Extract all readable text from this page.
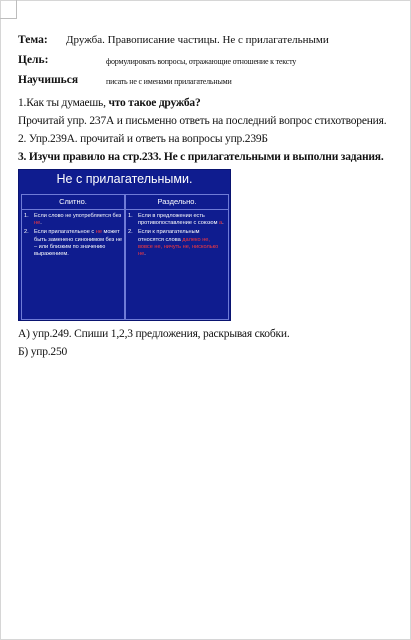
Тема: Дружба. Правописание частицы. Не с прилагательными
Цель:	формулировать вопросы, отражающие отношение к тексту
Научишься	писать не с именами прилагательными
1.Как ты думаешь, что такое дружба?
Прочитай упр. 237А и письменно ответь на последний вопрос стихотворения.
2. Упр.239А. прочитай и ответь на вопросы упр.239Б
3. Изучи правило на стр.233. Не с прилагательными и выполни задания.
Не с прилагательными.
Слитно.
1. Если слово не употребляется без не.
2. Если прилагательное с не может быть заменено синонимом без не – или близким по значению выражением.
Раздельно.
1. Если в предложении есть противопоставление с союзом а.
2. Если к прилагательным относятся слова далеко не, вовсе не, ничуть не, нисколько не.
А) упр.249. Спиши 1,2,3 предложения, раскрывая скобки.
Б) упр.250
